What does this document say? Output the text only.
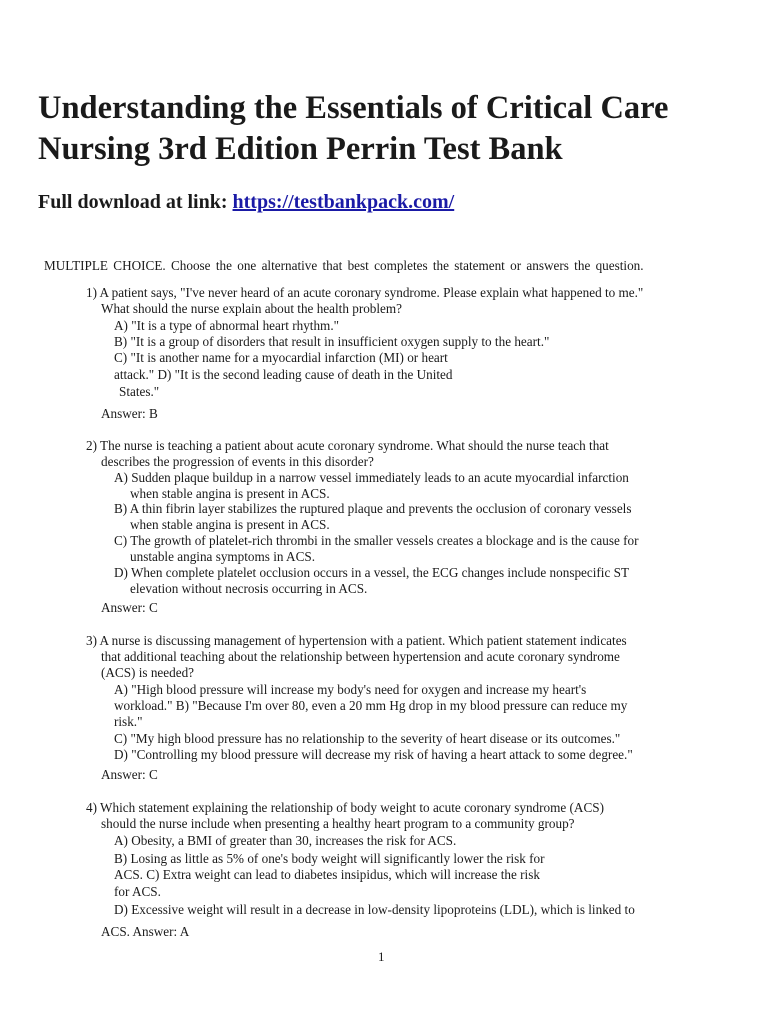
Understanding the Essentials of Critical Care
Nursing 3rd Edition Perrin Test Bank
Full download at link: https://testbankpack.com/
MULTIPLE CHOICE. Choose the one alternative that best completes the statement or answers the question.
1) A patient says, "I've never heard of an acute coronary syndrome. Please explain what happened to me."
What should the nurse explain about the health problem?
A) "It is a type of abnormal heart rhythm."
B) "It is a group of disorders that result in insufficient oxygen supply to the heart."
C) "It is another name for a myocardial infarction (MI) or heart
attack." D) "It is the second leading cause of death in the United
States."
Answer: B
2) The nurse is teaching a patient about acute coronary syndrome. What should the nurse teach that
describes the progression of events in this disorder?
A) Sudden plaque buildup in a narrow vessel immediately leads to an acute myocardial infarction
when stable angina is present in ACS.
B) A thin fibrin layer stabilizes the ruptured plaque and prevents the occlusion of coronary vessels
when stable angina is present in ACS.
C) The growth of platelet-rich thrombi in the smaller vessels creates a blockage and is the cause for
unstable angina symptoms in ACS.
D) When complete platelet occlusion occurs in a vessel, the ECG changes include nonspecific ST
elevation without necrosis occurring in ACS.
Answer: C
3) A nurse is discussing management of hypertension with a patient. Which patient statement indicates
that additional teaching about the relationship between hypertension and acute coronary syndrome
(ACS) is needed?
A) "High blood pressure will increase my body's need for oxygen and increase my heart's
workload." B) "Because I'm over 80, even a 20 mm Hg drop in my blood pressure can reduce my
risk."
C) "My high blood pressure has no relationship to the severity of heart disease or its outcomes."
D) "Controlling my blood pressure will decrease my risk of having a heart attack to some degree."
Answer: C
4) Which statement explaining the relationship of body weight to acute coronary syndrome (ACS)
should the nurse include when presenting a healthy heart program to a community group?
A) Obesity, a BMI of greater than 30, increases the risk for ACS.
B) Losing as little as 5% of one's body weight will significantly lower the risk for
ACS. C) Extra weight can lead to diabetes insipidus, which will increase the risk
for ACS.
D) Excessive weight will result in a decrease in low-density lipoproteins (LDL), which is linked to
ACS. Answer: A
1
